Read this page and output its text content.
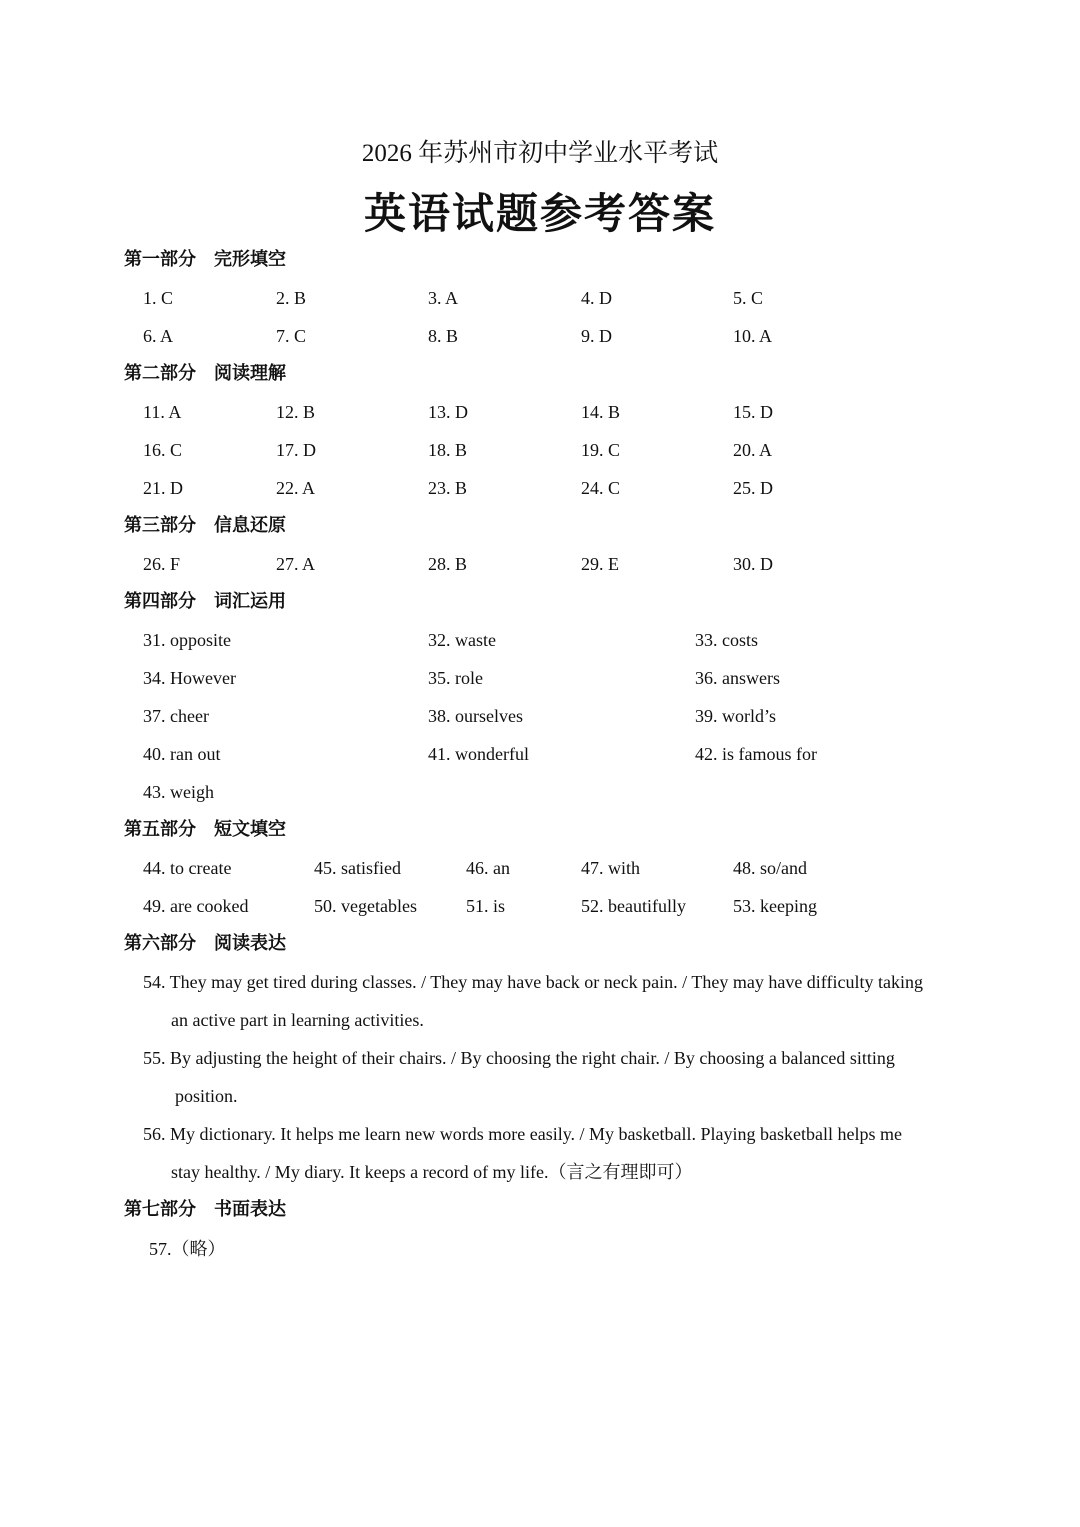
2026 年苏州市初中学业水平考试
英语试题参考答案
第一部分 完形填空
1. C	2. B	3. A	4. D	5. C
6. A	7. C	8. B	9. D	10. A
第二部分 阅读理解
11. A	12. B	13. D	14. B	15. D
16. C	17. D	18. B	19. C	20. A
21. D	22. A	23. B	24. C	25. D
第三部分 信息还原
26. F	27. A	28. B	29. E	30. D
第四部分 词汇运用
31. opposite	32. waste	33. costs
34. However	35. role	36. answers
37. cheer	38. ourselves	39. world’s
40. ran out	41. wonderful	42. is famous for
43. weigh
第五部分 短文填空
44. to create	45. satisfied	46. an	47. with	48. so/and
49. are cooked	50. vegetables	51. is	52. beautifully	53. keeping
第六部分 阅读表达
54. They may get tired during classes. / They may have back or neck pain. / They may have difficulty taking
an active part in learning activities.
55. By adjusting the height of their chairs. / By choosing the right chair. / By choosing a balanced sitting
position.
56. My dictionary. It helps me learn new words more easily. / My basketball. Playing basketball helps me
stay healthy. / My diary. It keeps a record of my life.（言之有理即可）
第七部分 书面表达
57.（略）
